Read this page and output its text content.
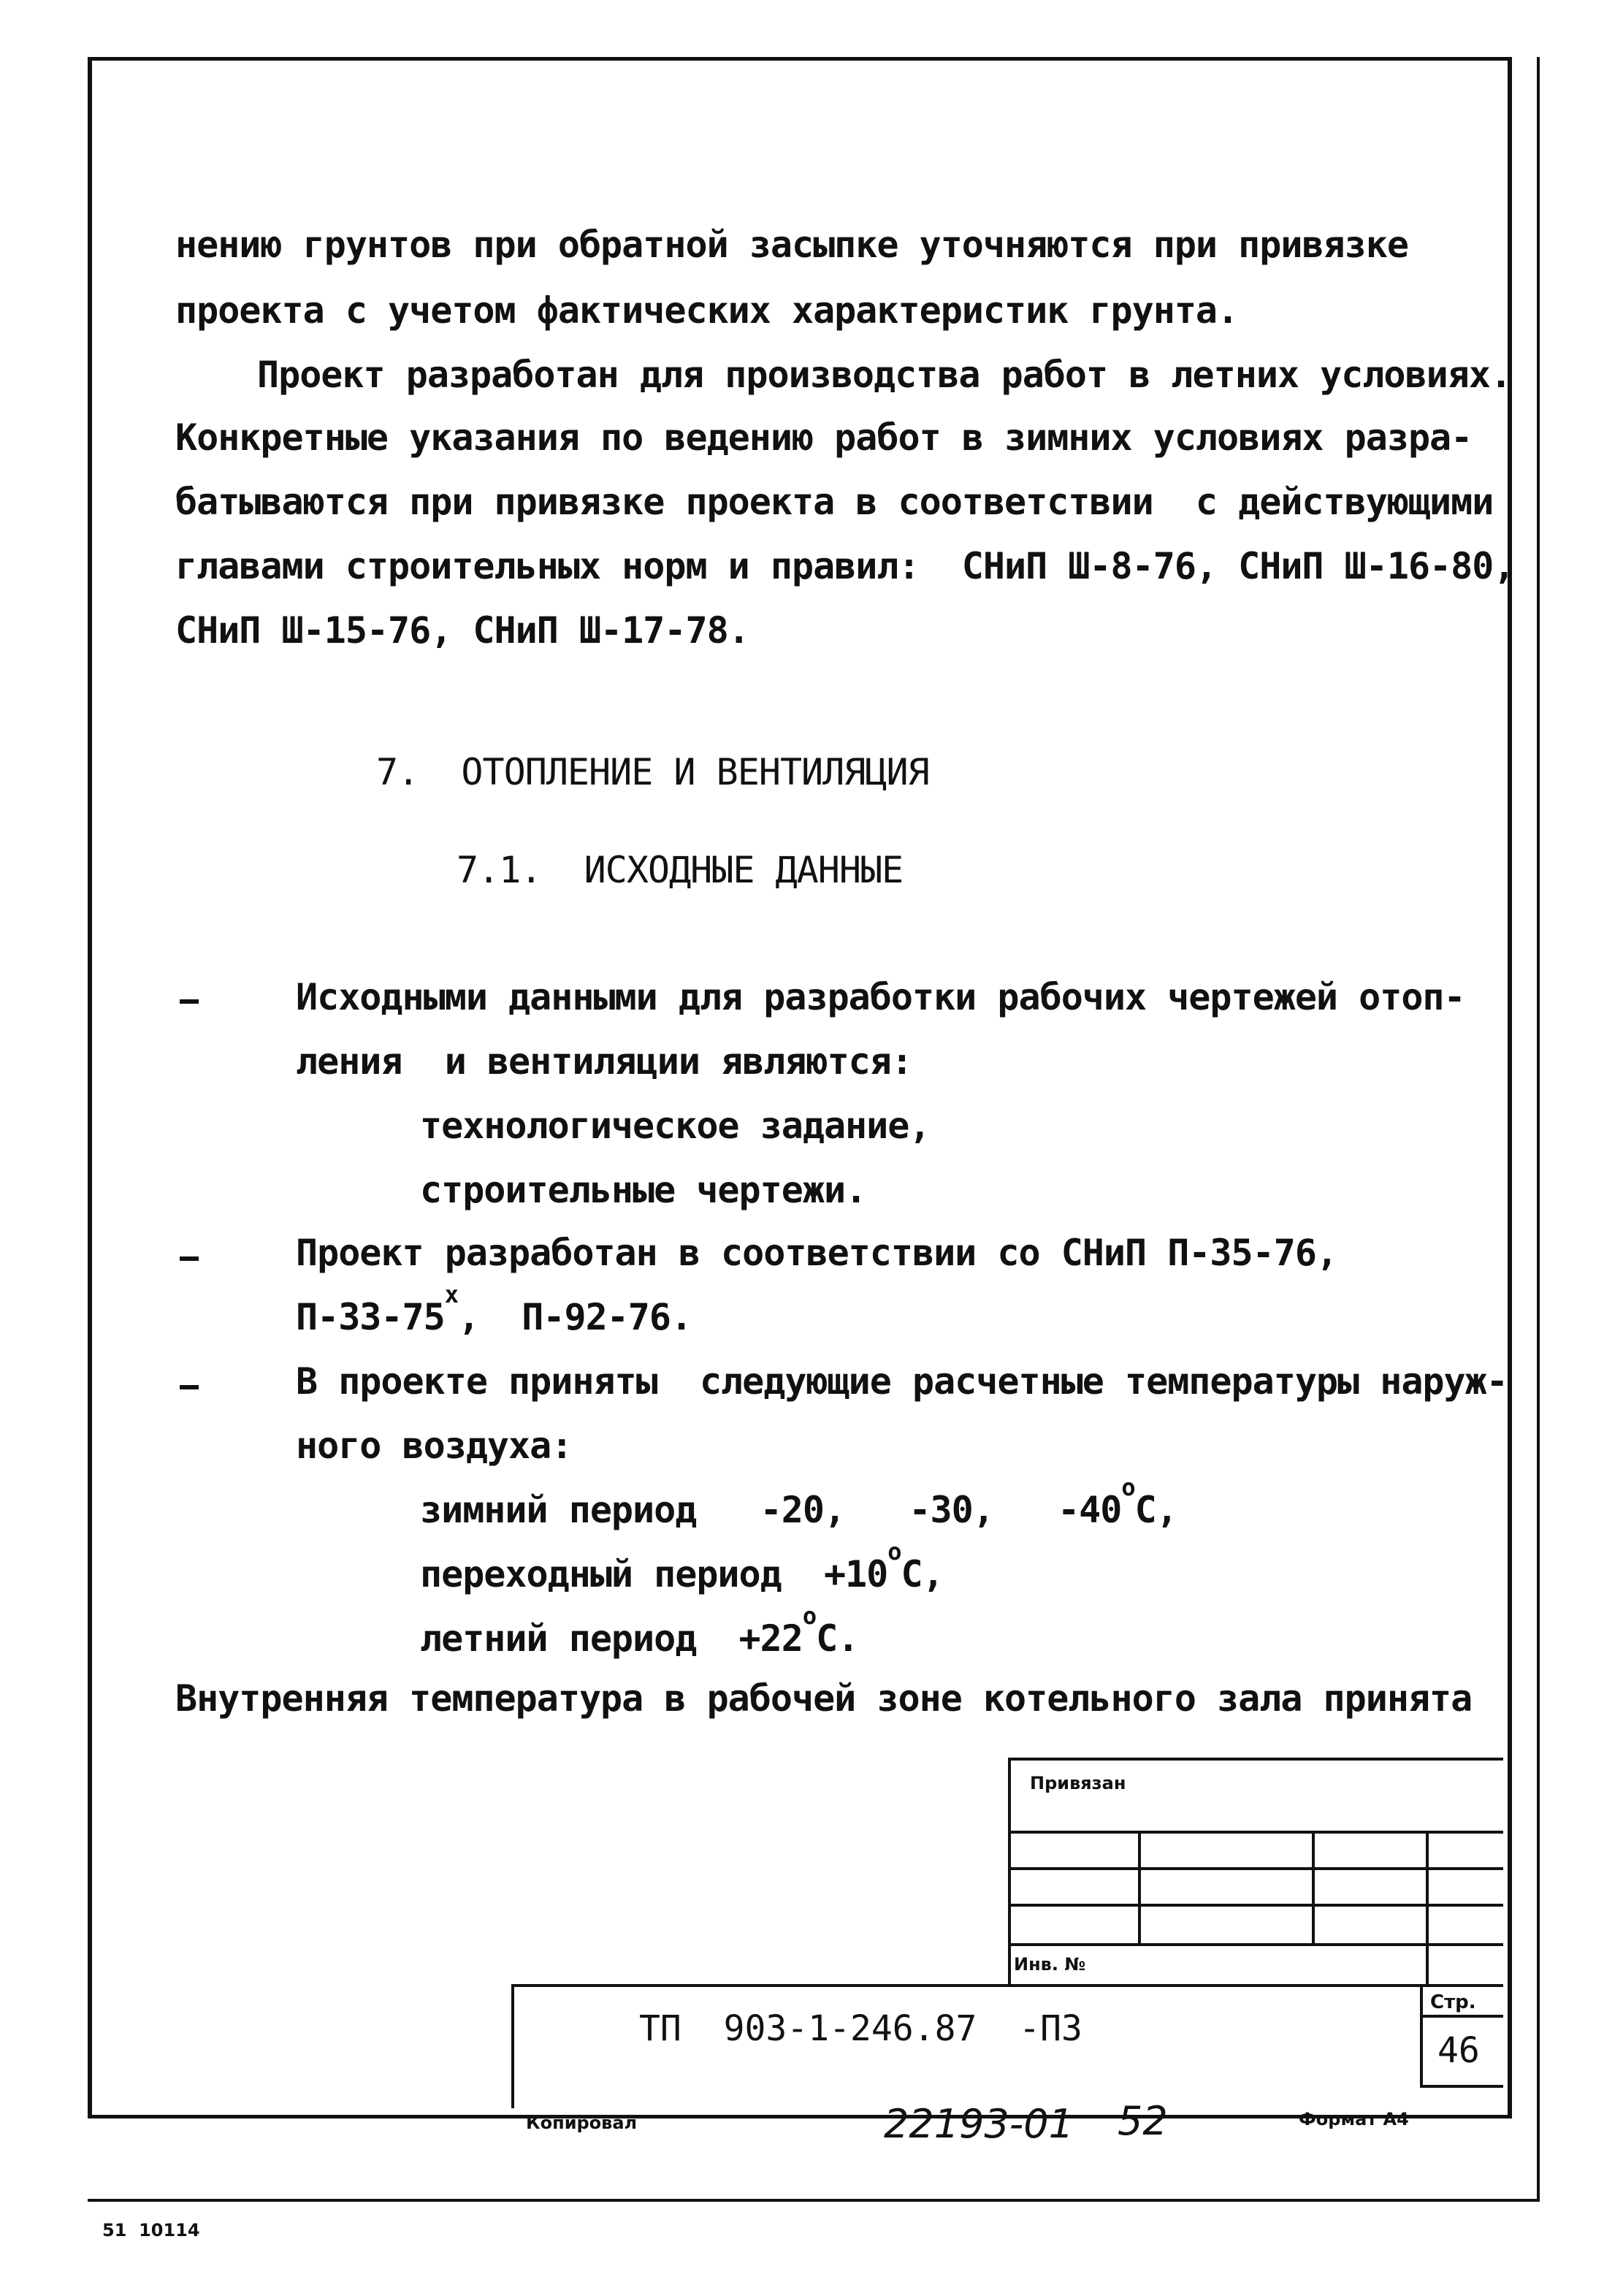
нению грунтов при обратной засыпке уточняются при привязке
проекта с учетом фактических характеристик грунта.
Проект разработан для производства работ в летних условиях.
Конкретные указания по ведению работ в зимних условиях разра-
батываются при привязке проекта в соответствии  с действующими
главами строительных норм и правил:  СНиП Ш-8-76, СНиП Ш-16-80,
СНиП Ш-15-76, СНиП Ш-17-78.
7.  ОТОПЛЕНИЕ И ВЕНТИЛЯЦИЯ
7.1.  ИСХОДНЫЕ ДАННЫЕ
Исходными данными для разработки рабочих чертежей отоп-
ления  и вентиляции являются:
технологическое задание,
строительные чертежи.
Проект разработан в соответствии со СНиП П-35-76,
$П-33-75^х$,  П-92-76.
В проекте приняты  следующие расчетные температуры наруж-
ного воздуха:
зимний период   -20,   -30,   $-40^оС$,
переходный период  $+10^оС$,
летний период  $+22^оС$.
Внутренняя температура в рабочей зоне котельного зала принята
Привязан
Инв. №
Стр.
46
ТП  903-1-246.87  -ПЗ
Копировал	22193-01 52	Формат А4
51  10114
